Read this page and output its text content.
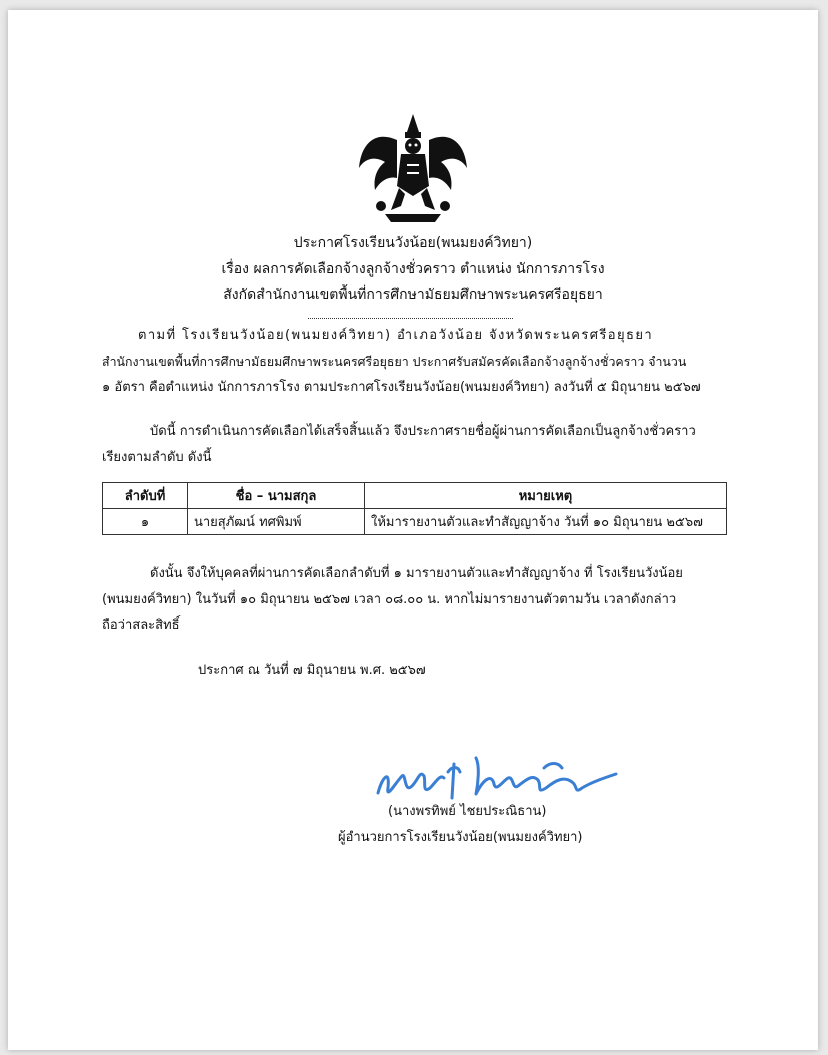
ประกาศโรงเรียนวังน้อย(พนมยงค์วิทยา)
เรื่อง ผลการคัดเลือกจ้างลูกจ้างชั่วคราว ตำแหน่ง นักการภารโรง
สังกัดสำนักงานเขตพื้นที่การศึกษามัธยมศึกษาพระนครศรีอยุธยา
ตามที่ โรงเรียนวังน้อย(พนมยงค์วิทยา) อำเภอวังน้อย จังหวัดพระนครศรีอยุธยา
สำนักงานเขตพื้นที่การศึกษามัธยมศึกษาพระนครศรีอยุธยา ประกาศรับสมัครคัดเลือกจ้างลูกจ้างชั่วคราว จำนวน
๑ อัตรา คือตำแหน่ง นักการภารโรง ตามประกาศโรงเรียนวังน้อย(พนมยงค์วิทยา) ลงวันที่ ๕ มิถุนายน ๒๕๖๗
บัดนี้ การดำเนินการคัดเลือกได้เสร็จสิ้นแล้ว จึงประกาศรายชื่อผู้ผ่านการคัดเลือกเป็นลูกจ้างชั่วคราว
เรียงตามลำดับ ดังนี้
ลำดับที่	ชื่อ – นามสกุล	หมายเหตุ
๑	นายสุภัฒน์ ทศพิมพ์	ให้มารายงานตัวและทำสัญญาจ้าง วันที่ ๑๐ มิถุนายน ๒๕๖๗
ดังนั้น จึงให้บุคคลที่ผ่านการคัดเลือกลำดับที่ ๑ มารายงานตัวและทำสัญญาจ้าง ที่ โรงเรียนวังน้อย
(พนมยงค์วิทยา) ในวันที่ ๑๐ มิถุนายน ๒๕๖๗ เวลา ๐๘.๐๐ น. หากไม่มารายงานตัวตามวัน เวลาดังกล่าว
ถือว่าสละสิทธิ์
ประกาศ ณ วันที่ ๗ มิถุนายน พ.ศ. ๒๕๖๗
(นางพรทิพย์ ไชยประณิธาน)
ผู้อำนวยการโรงเรียนวังน้อย(พนมยงค์วิทยา)
